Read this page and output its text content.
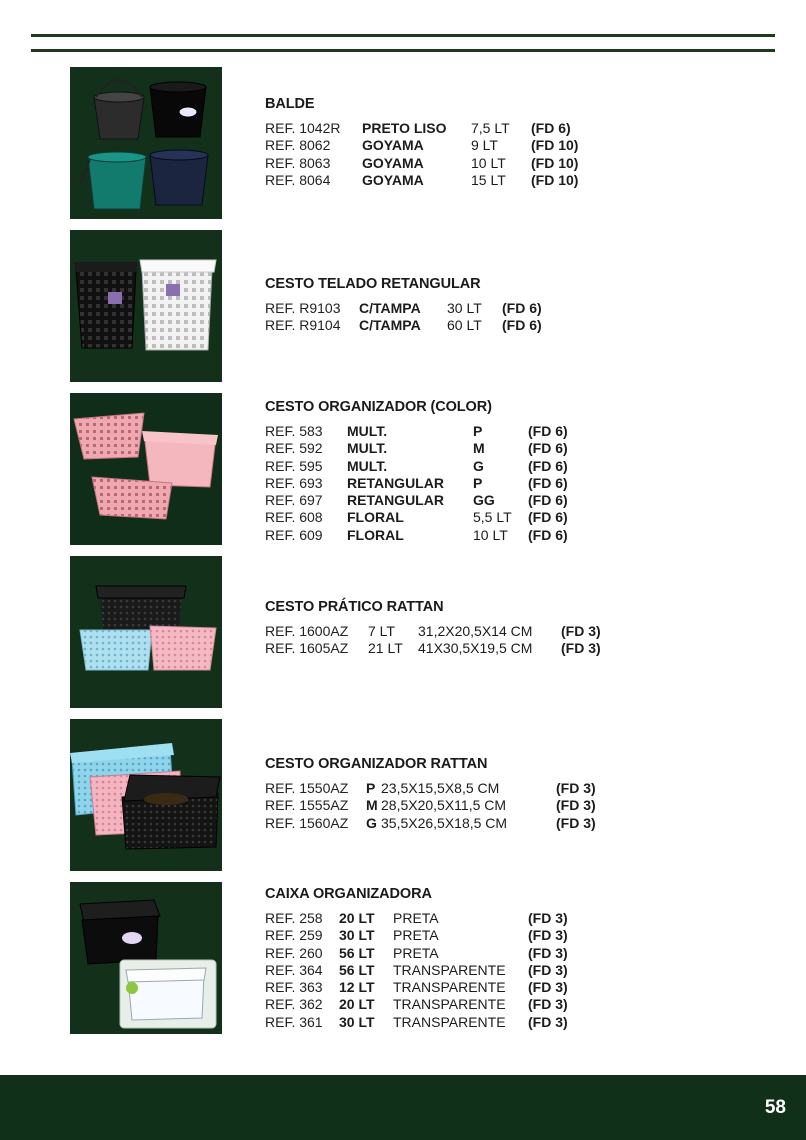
BALDE
REF. 1042R	PRETO LISO	7,5 LT	(FD 6)
REF. 8062	GOYAMA	9 LT	(FD 10)
REF. 8063	GOYAMA	10 LT	(FD 10)
REF. 8064	GOYAMA	15 LT	(FD 10)
CESTO TELADO RETANGULAR
REF. R9103	C/TAMPA	30 LT	(FD 6)
REF. R9104	C/TAMPA	60 LT	(FD 6)
CESTO ORGANIZADOR (COLOR)
REF. 583	MULT.	P	(FD 6)
REF. 592	MULT.	M	(FD 6)
REF. 595	MULT.	G	(FD 6)
REF. 693	RETANGULAR	P	(FD 6)
REF. 697	RETANGULAR	GG	(FD 6)
REF. 608	FLORAL	5,5 LT	(FD 6)
REF. 609	FLORAL	10 LT	(FD 6)
CESTO PRÁTICO RATTAN
REF. 1600AZ	7 LT	31,2X20,5X14 CM	(FD 3)
REF. 1605AZ	21 LT	41X30,5X19,5 CM	(FD 3)
CESTO ORGANIZADOR RATTAN
REF. 1550AZ	P 23,5X15,5X8,5 CM	(FD 3)
REF. 1555AZ	M 28,5X20,5X11,5 CM	(FD 3)
REF. 1560AZ	G 35,5X26,5X18,5 CM	(FD 3)
CAIXA ORGANIZADORA
REF. 258	20 LT	PRETA	(FD 3)
REF. 259	30 LT	PRETA	(FD 3)
REF. 260	56 LT	PRETA	(FD 3)
REF. 364	56 LT	TRANSPARENTE	(FD 3)
REF. 363	12 LT	TRANSPARENTE	(FD 3)
REF. 362	20 LT	TRANSPARENTE	(FD 3)
REF. 361	30 LT	TRANSPARENTE	(FD 3)
58
